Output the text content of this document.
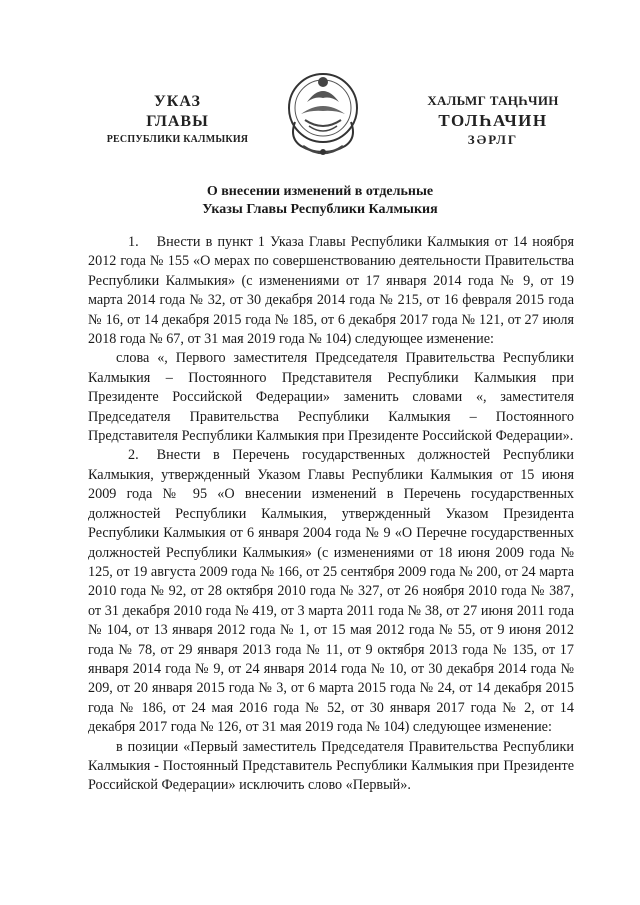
УКАЗ
ГЛАВЫ
РЕСПУБЛИКИ КАЛМЫКИЯ
ХАЛЬМГ ТАҢҺЧИН
ТОЛҺАЧИН
ЗӘРЛГ
О внесении изменений в отдельные
Указы Главы Республики Калмыкия

1. Внести в пункт 1 Указа Главы Республики Калмыкия от 14 ноября 2012 года № 155 «О мерах по совершенствованию деятельности Правительства Республики Калмыкия» (с изменениями от 17 января 2014 года № 9, от 19 марта 2014 года № 32, от 30 декабря 2014 года № 215, от 16 февраля 2015 года № 16, от 14 декабря 2015 года № 185, от 6 декабря 2017 года № 121, от 27 июля 2018 года № 67, от 31 мая 2019 года № 104) следующее изменение:

слова «, Первого заместителя Председателя Правительства Республики Калмыкия – Постоянного Представителя Республики Калмыкия при Президенте Российской Федерации» заменить словами «, заместителя Председателя Правительства Республики Калмыкия – Постоянного Представителя Республики Калмыкия при Президенте Российской Федерации».

2. Внести в Перечень государственных должностей Республики Калмыкия, утвержденный Указом Главы Республики Калмыкия от 15 июня 2009 года № 95 «О внесении изменений в Перечень государственных должностей Республики Калмыкия, утвержденный Указом Президента Республики Калмыкия от 6 января 2004 года № 9 «О Перечне государственных должностей Республики Калмыкия» (с изменениями от 18 июня 2009 года № 125, от 19 августа 2009 года № 166, от 25 сентября 2009 года № 200, от 24 марта 2010 года № 92, от 28 октября 2010 года № 327, от 26 ноября 2010 года № 387, от 31 декабря 2010 года № 419, от 3 марта 2011 года № 38, от 27 июня 2011 года № 104, от 13 января 2012 года № 1, от 15 мая 2012 года № 55, от 9 июня 2012 года № 78, от 29 января 2013 года № 11, от 9 октября 2013 года № 135, от 17 января 2014 года № 9, от 24 января 2014 года № 10, от 30 декабря 2014 года № 209, от 20 января 2015 года № 3, от 6 марта 2015 года № 24, от 14 декабря 2015 года № 186, от 24 мая 2016 года № 52, от 30 января 2017 года № 2, от 14 декабря 2017 года № 126, от 31 мая 2019 года № 104) следующее изменение:

в позиции «Первый заместитель Председателя Правительства Республики Калмыкия - Постоянный Представитель Республики Калмыкия при Президенте Российской Федерации» исключить слово «Первый».
